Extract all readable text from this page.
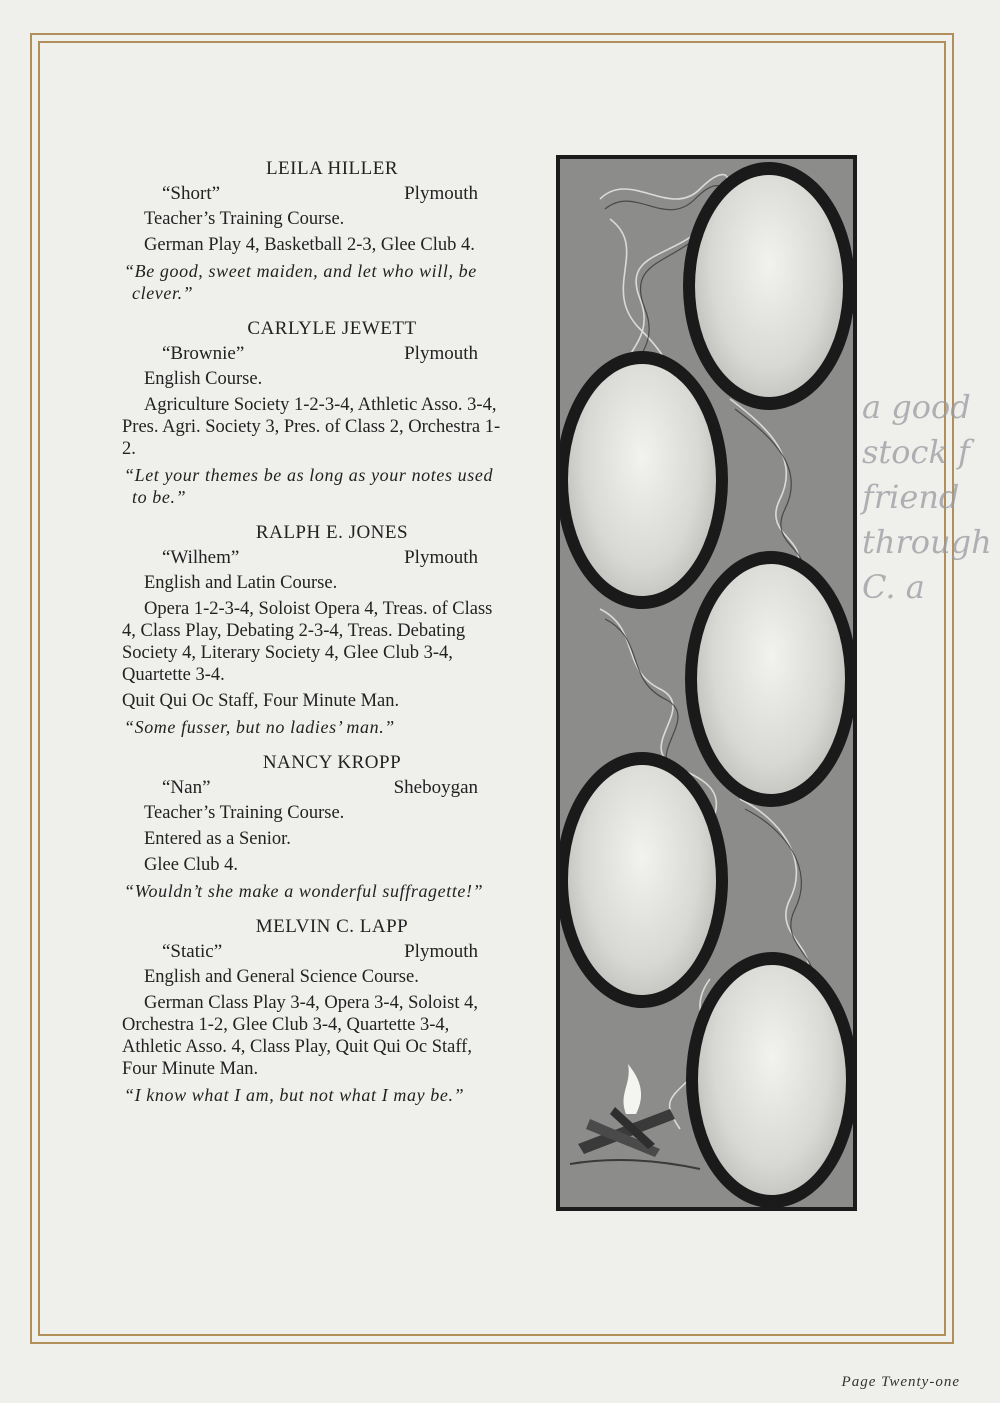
LEILA HILLER
“Short”	Plymouth

Teacher’s Training Course.

German Play 4, Basketball 2-3, Glee Club 4.

“Be good, sweet maiden, and let who will, be clever.”

CARLYLE JEWETT
“Brownie”	Plymouth

English Course.

Agriculture Society 1-2-3-4, Athletic Asso. 3-4, Pres. Agri. Society 3, Pres. of Class 2, Orchestra 1-2.

“Let your themes be as long as your notes used to be.”

RALPH E. JONES
“Wilhem”	Plymouth

English and Latin Course.

Opera 1-2-3-4, Soloist Opera 4, Treas. of Class 4, Class Play, Debating 2-3-4, Treas. Debating Society 4, Literary Society 4, Glee Club 3-4, Quartette 3-4.

Quit Qui Oc Staff, Four Minute Man.

“Some fusser, but no ladies’ man.”

NANCY KROPP
“Nan”	Sheboygan

Teacher’s Training Course.

Entered as a Senior.

Glee Club 4.

“Wouldn’t she make a wonderful suffragette!”

MELVIN C. LAPP
“Static”	Plymouth

English and General Science Course.

German Class Play 3-4, Opera 3-4, Soloist 4, Orchestra 1-2, Glee Club 3-4, Quartette 3-4, Athletic Asso. 4, Class Play, Quit Qui Oc Staff, Four Minute Man.

“I know what I am, but not what I may be.”

a good
stock f
friend
through
C. a
Page Twenty-one
